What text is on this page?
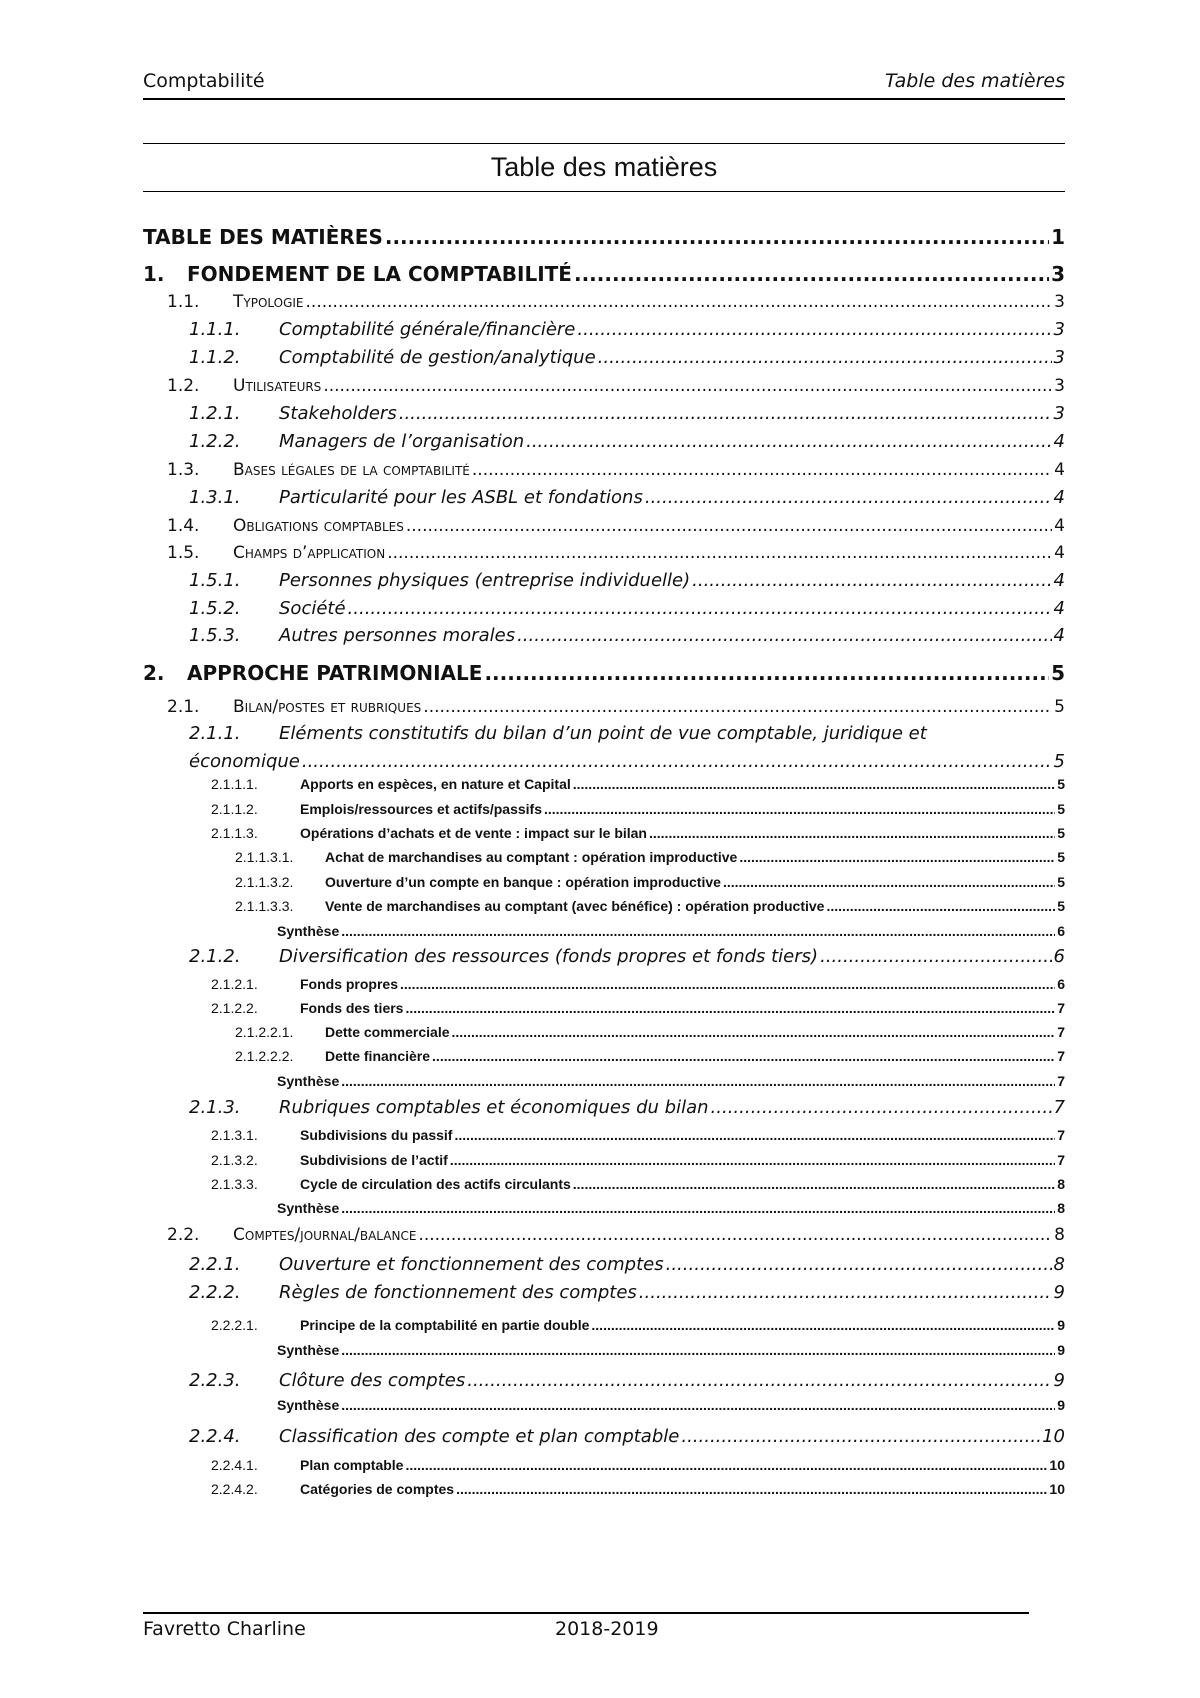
Comptabilité	Table des matières
Table des matières
TABLE DES MATIÈRES .....	1
1.	FONDEMENT DE LA COMPTABILITÉ .....	3
1.1.	Typologie .....	3
1.1.1.	Comptabilité générale/financière .....	3
1.1.2.	Comptabilité de gestion/analytique .....	3
1.2.	Utilisateurs .....	3
1.2.1.	Stakeholders .....	3
1.2.2.	Managers de l’organisation .....	4
1.3.	Bases légales de la comptabilité .....	4
1.3.1.	Particularité pour les ASBL et fondations .....	4
1.4.	Obligations comptables .....	4
1.5.	Champs d’application .....	4
1.5.1.	Personnes physiques (entreprise individuelle) .....	4
1.5.2.	Société .....	4
1.5.3.	Autres personnes morales .....	4
2.	APPROCHE PATRIMONIALE .....	5
2.1.	Bilan/postes et rubriques .....	5
2.1.1. Eléments constitutifs du bilan d’un point de vue comptable, juridique et
économique .....	5
2.1.1.1.	Apports en espèces, en nature et Capital .....	5
2.1.1.2.	Emplois/ressources et actifs/passifs .....	5
2.1.1.3.	Opérations d’achats et de vente : impact sur le bilan .....	5
2.1.1.3.1.	Achat de marchandises au comptant : opération improductive .....	5
2.1.1.3.2.	Ouverture d’un compte en banque : opération improductive .....	5
2.1.1.3.3.	Vente de marchandises au comptant (avec bénéfice) : opération productive .....	5
Synthèse .....	6
2.1.2.	Diversification des ressources (fonds propres et fonds tiers) .....	6
2.1.2.1.	Fonds propres .....	6
2.1.2.2.	Fonds des tiers .....	7
2.1.2.2.1.	Dette commerciale .....	7
2.1.2.2.2.	Dette financière .....	7
Synthèse .....	7
2.1.3.	Rubriques comptables et économiques du bilan .....	7
2.1.3.1.	Subdivisions du passif .....	7
2.1.3.2.	Subdivisions de l’actif .....	7
2.1.3.3.	Cycle de circulation des actifs circulants .....	8
Synthèse .....	8
2.2.	Comptes/journal/balance .....	8
2.2.1.	Ouverture et fonctionnement des comptes .....	8
2.2.2.	Règles de fonctionnement des comptes .....	9
2.2.2.1.	Principe de la comptabilité en partie double .....	9
Synthèse .....	9
2.2.3.	Clôture des comptes .....	9
Synthèse .....	9
2.2.4.	Classification des compte et plan comptable .....	10
2.2.4.1.	Plan comptable .....	10
2.2.4.2.	Catégories de comptes .....	10
Favretto Charline	2018-2019
